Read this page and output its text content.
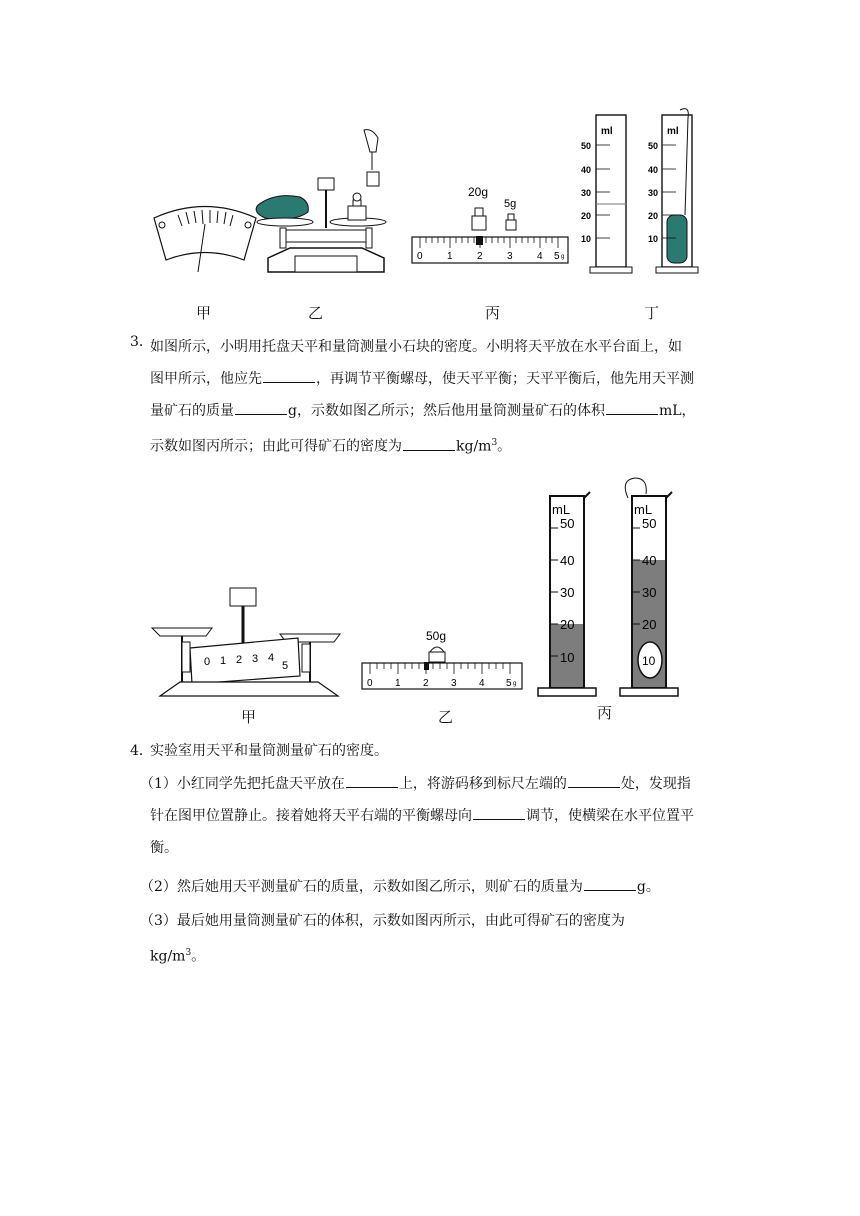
20g
5g
0 1 2 3 4 5 g
ml
50
40
30
20
10
ml
50
40
30
20
10
甲	乙	丙	丁
3．
如图所示，小明用托盘天平和量筒测量小石块的密度。小明将天平放在水平台面上，如
图甲所示，他应先	，再调节平衡螺母，使天平平衡；天平平衡后，他先用天平测
量矿石的质量	g，示数如图乙所示；然后他用量筒测量矿石的体积	mL，
示数如图丙所示；由此可得矿石的密度为	$kg/m^3$。
0 1 2 3 4
5
50g
0 1 2 3 4 5 g
mL
50
40
30
20
10
mL
50
40
30
20
10
甲	乙	丙
4．
实验室用天平和量筒测量矿石的密度。
（1）小红同学先把托盘天平放在	上，将游码移到标尺左端的	处，发现指
针在图甲位置静止。接着她将天平右端的平衡螺母向	调节，使横梁在水平位置平
衡。
（2）然后她用天平测量矿石的质量，示数如图乙所示，则矿石的质量为	g。
（3）最后她用量筒测量矿石的体积，示数如图丙所示，由此可得矿石的密度为
$kg/m^3$。
